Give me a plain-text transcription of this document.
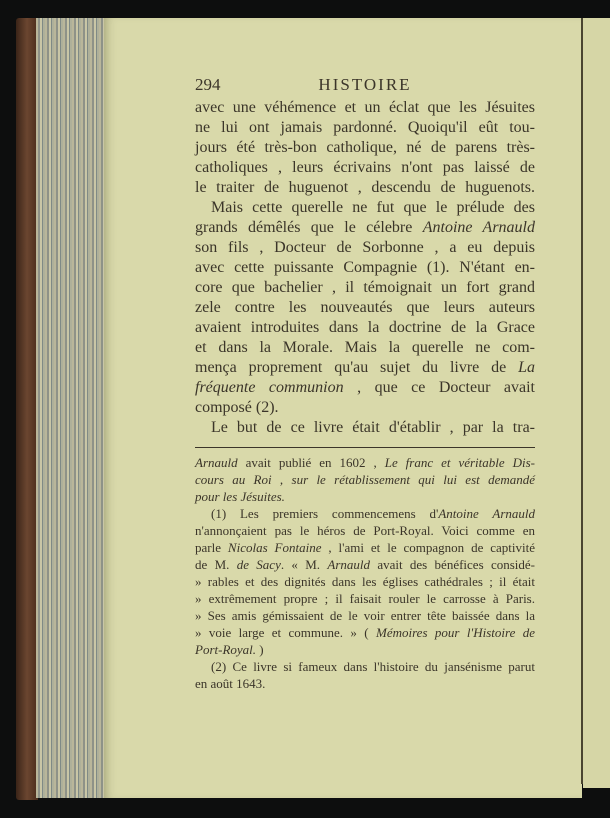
294	HISTOIRE
avec une véhémence et un éclat que les Jésuites
ne lui ont jamais pardonné. Quoiqu'il eût tou-
jours été très-bon catholique, né de parens très-
catholiques , leurs écrivains n'ont pas laissé de
le traiter de huguenot , descendu de huguenots.
Mais cette querelle ne fut que le prélude des
grands démêlés que le célebre Antoine Arnauld
son fils , Docteur de Sorbonne , a eu depuis
avec cette puissante Compagnie (1). N'étant en-
core que bachelier , il témoignait un fort grand
zele contre les nouveautés que leurs auteurs
avaient introduites dans la doctrine de la Grace
et dans la Morale. Mais la querelle ne com-
mença proprement qu'au sujet du livre de La
fréquente communion , que ce Docteur avait
composé (2).
Le but de ce livre était d'établir , par la tra-
Arnauld avait publié en 1602 , Le franc et véritable Dis-
cours au Roi , sur le rétablissement qui lui est demandé
pour les Jésuites.
(1) Les premiers commencemens d'Antoine Arnauld
n'annonçaient pas le héros de Port-Royal. Voici comme en
parle Nicolas Fontaine , l'ami et le compagnon de captivité
de M. de Sacy. « M. Arnauld avait des bénéfices considé-
» rables et des dignités dans les églises cathédrales ; il était
» extrêmement propre ; il faisait rouler le carrosse à Paris.
» Ses amis gémissaient de le voir entrer tête baissée dans la
» voie large et commune. » ( Mémoires pour l'Histoire de
Port-Royal. )
(2) Ce livre si fameux dans l'histoire du jansénisme parut
en août 1643.
